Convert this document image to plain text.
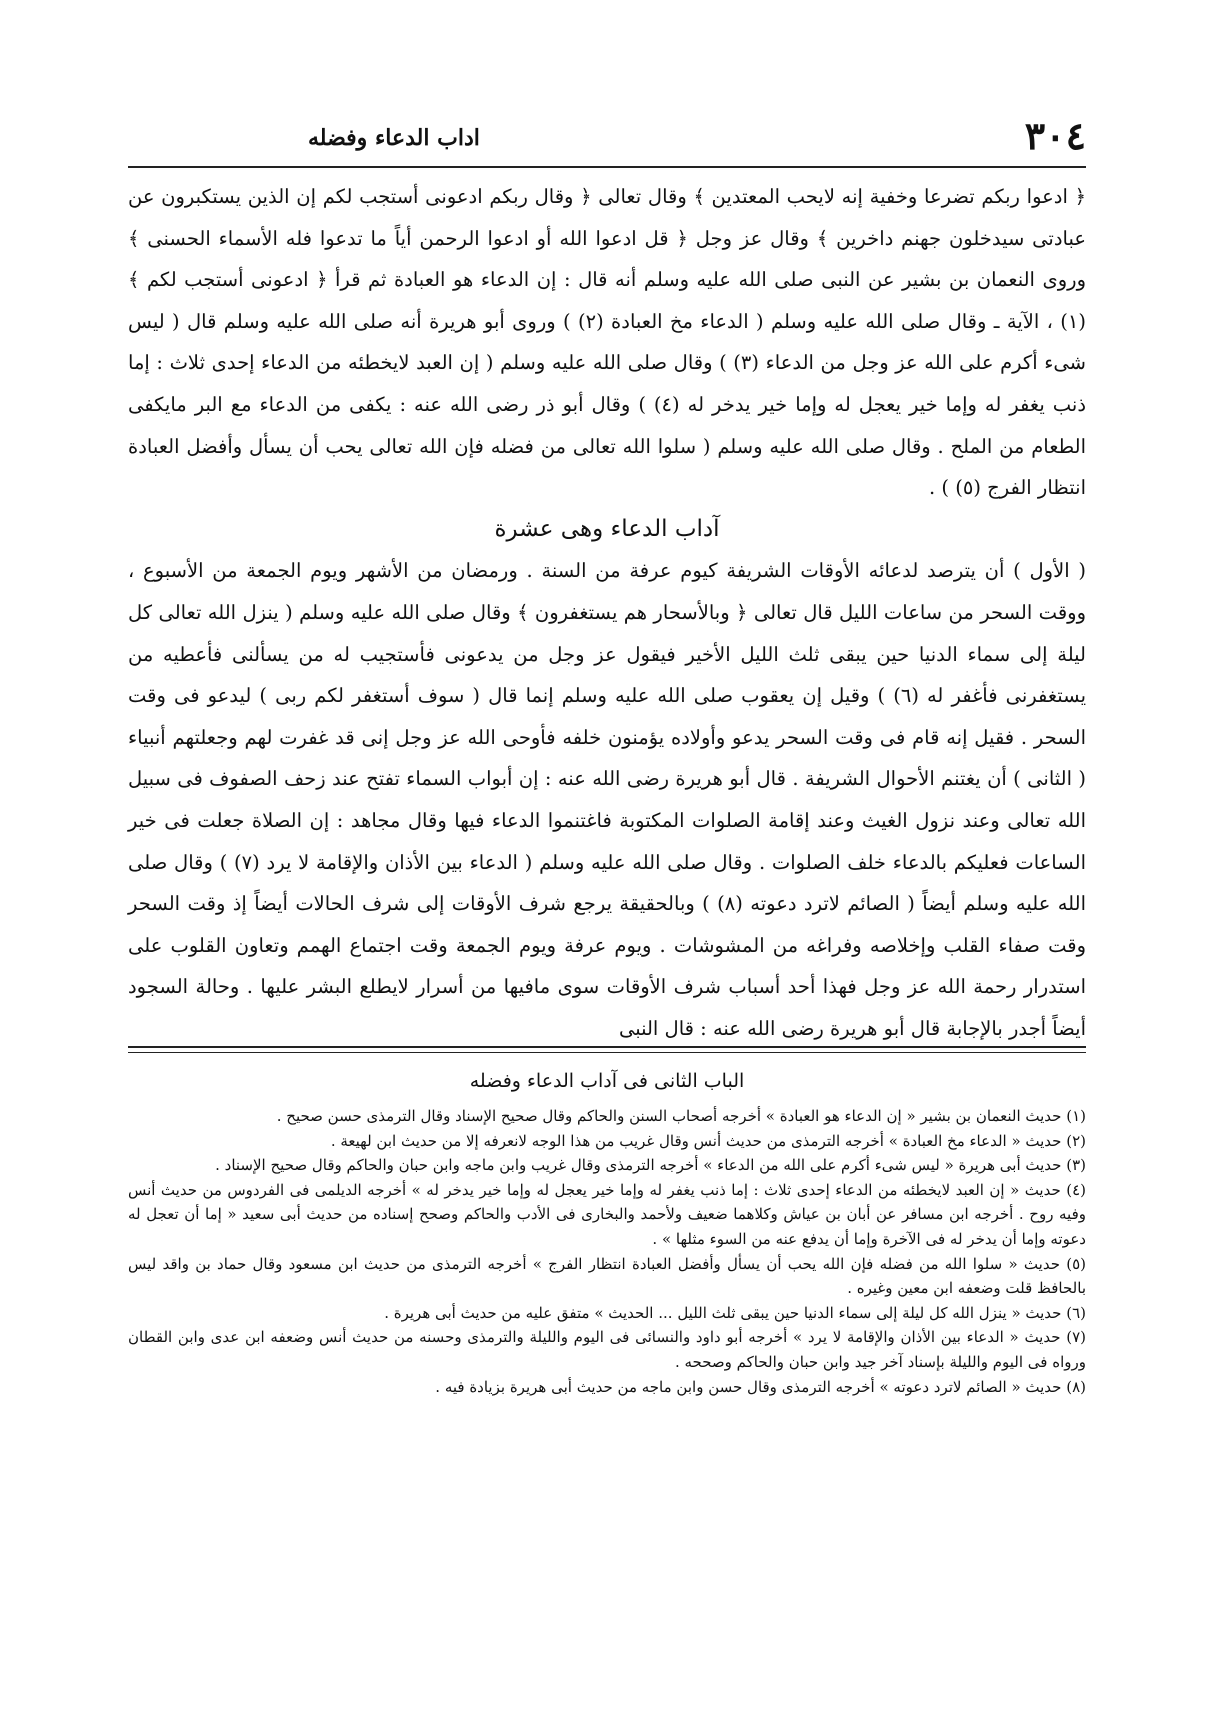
٣٠٤
اداب الدعاء وفضله

﴿ ادعوا ربكم تضرعا وخفية إنه لايحب المعتدين ﴾ وقال تعالى ﴿ وقال ربكم ادعونى أستجب لكم إن الذين يستكبرون عن عبادتى سيدخلون جهنم داخرين ﴾ وقال عز وجل ﴿ قل ادعوا الله أو ادعوا الرحمن أياً ما تدعوا فله الأسماء الحسنى ﴾ وروى النعمان بن بشير عن النبى صلى الله عليه وسلم أنه قال : إن الدعاء هو العبادة ثم قرأ ﴿ ادعونى أستجب لكم ﴾ (١) ، الآية ـ وقال صلى الله عليه وسلم ( الدعاء مخ العبادة (٢) ) وروى أبو هريرة أنه صلى الله عليه وسلم قال ( ليس شىء أكرم على الله عز وجل من الدعاء (٣) ) وقال صلى الله عليه وسلم ( إن العبد لايخطئه من الدعاء إحدى ثلاث : إما ذنب يغفر له وإما خير يعجل له وإما خير يدخر له (٤) ) وقال أبو ذر رضى الله عنه : يكفى من الدعاء مع البر مايكفى الطعام من الملح . وقال صلى الله عليه وسلم ( سلوا الله تعالى من فضله فإن الله تعالى يحب أن يسأل وأفضل العبادة انتظار الفرج (٥) ) .

آداب الدعاء وهى عشرة

( الأول ) أن يترصد لدعائه الأوقات الشريفة كيوم عرفة من السنة . ورمضان من الأشهر ويوم الجمعة من الأسبوع ، ووقت السحر من ساعات الليل قال تعالى ﴿ وبالأسحار هم يستغفرون ﴾ وقال صلى الله عليه وسلم ( ينزل الله تعالى كل ليلة إلى سماء الدنيا حين يبقى ثلث الليل الأخير فيقول عز وجل من يدعونى فأستجيب له من يسألنى فأعطيه من يستغفرنى فأغفر له (٦) ) وقيل إن يعقوب صلى الله عليه وسلم إنما قال ( سوف أستغفر لكم ربى ) ليدعو فى وقت السحر . فقيل إنه قام فى وقت السحر يدعو وأولاده يؤمنون خلفه فأوحى الله عز وجل إنى قد غفرت لهم وجعلتهم أنبياء ( الثانى ) أن يغتنم الأحوال الشريفة . قال أبو هريرة رضى الله عنه : إن أبواب السماء تفتح عند زحف الصفوف فى سبيل الله تعالى وعند نزول الغيث وعند إقامة الصلوات المكتوبة فاغتنموا الدعاء فيها وقال مجاهد : إن الصلاة جعلت فى خير الساعات فعليكم بالدعاء خلف الصلوات . وقال صلى الله عليه وسلم ( الدعاء بين الأذان والإقامة لا يرد (٧) ) وقال صلى الله عليه وسلم أيضاً ( الصائم لاترد دعوته (٨) ) وبالحقيقة يرجع شرف الأوقات إلى شرف الحالات أيضاً إذ وقت السحر وقت صفاء القلب وإخلاصه وفراغه من المشوشات . ويوم عرفة ويوم الجمعة وقت اجتماع الهمم وتعاون القلوب على استدرار رحمة الله عز وجل فهذا أحد أسباب شرف الأوقات سوى مافيها من أسرار لايطلع البشر عليها . وحالة السجود أيضاً أجدر بالإجابة قال أبو هريرة رضى الله عنه : قال النبى

الباب الثانى فى آداب الدعاء وفضله

(١) حديث النعمان بن بشير « إن الدعاء هو العبادة » أخرجه أصحاب السنن والحاكم وقال صحيح الإسناد وقال الترمذى حسن صحيح .

(٢) حديث « الدعاء مخ العبادة » أخرجه الترمذى من حديث أنس وقال غريب من هذا الوجه لانعرفه إلا من حديث ابن لهيعة .

(٣) حديث أبى هريرة « ليس شىء أكرم على الله من الدعاء » أخرجه الترمذى وقال غريب وابن ماجه وابن حبان والحاكم وقال صحيح الإسناد .

(٤) حديث « إن العبد لايخطئه من الدعاء إحدى ثلاث : إما ذنب يغفر له وإما خير يعجل له وإما خير يدخر له » أخرجه الديلمى فى الفردوس من حديث أنس وفيه روح . أخرجه ابن مسافر عن أبان بن عياش وكلاهما ضعيف ولأحمد والبخارى فى الأدب والحاكم وصحح إسناده من حديث أبى سعيد « إما أن تعجل له دعوته وإما أن يدخر له فى الآخرة وإما أن يدفع عنه من السوء مثلها » .

(٥) حديث « سلوا الله من فضله فإن الله يحب أن يسأل وأفضل العبادة انتظار الفرج » أخرجه الترمذى من حديث ابن مسعود وقال حماد بن واقد ليس بالحافظ قلت وضعفه ابن معين وغيره .

(٦) حديث « ينزل الله كل ليلة إلى سماء الدنيا حين يبقى ثلث الليل ... الحديث » متفق عليه من حديث أبى هريرة .

(٧) حديث « الدعاء بين الأذان والإقامة لا يرد » أخرجه أبو داود والنسائى فى اليوم والليلة والترمذى وحسنه من حديث أنس وضعفه ابن عدى وابن القطان ورواه فى اليوم والليلة بإسناد آخر جيد وابن حبان والحاكم وصححه .

(٨) حديث « الصائم لاترد دعوته » أخرجه الترمذى وقال حسن وابن ماجه من حديث أبى هريرة بزيادة فيه .
